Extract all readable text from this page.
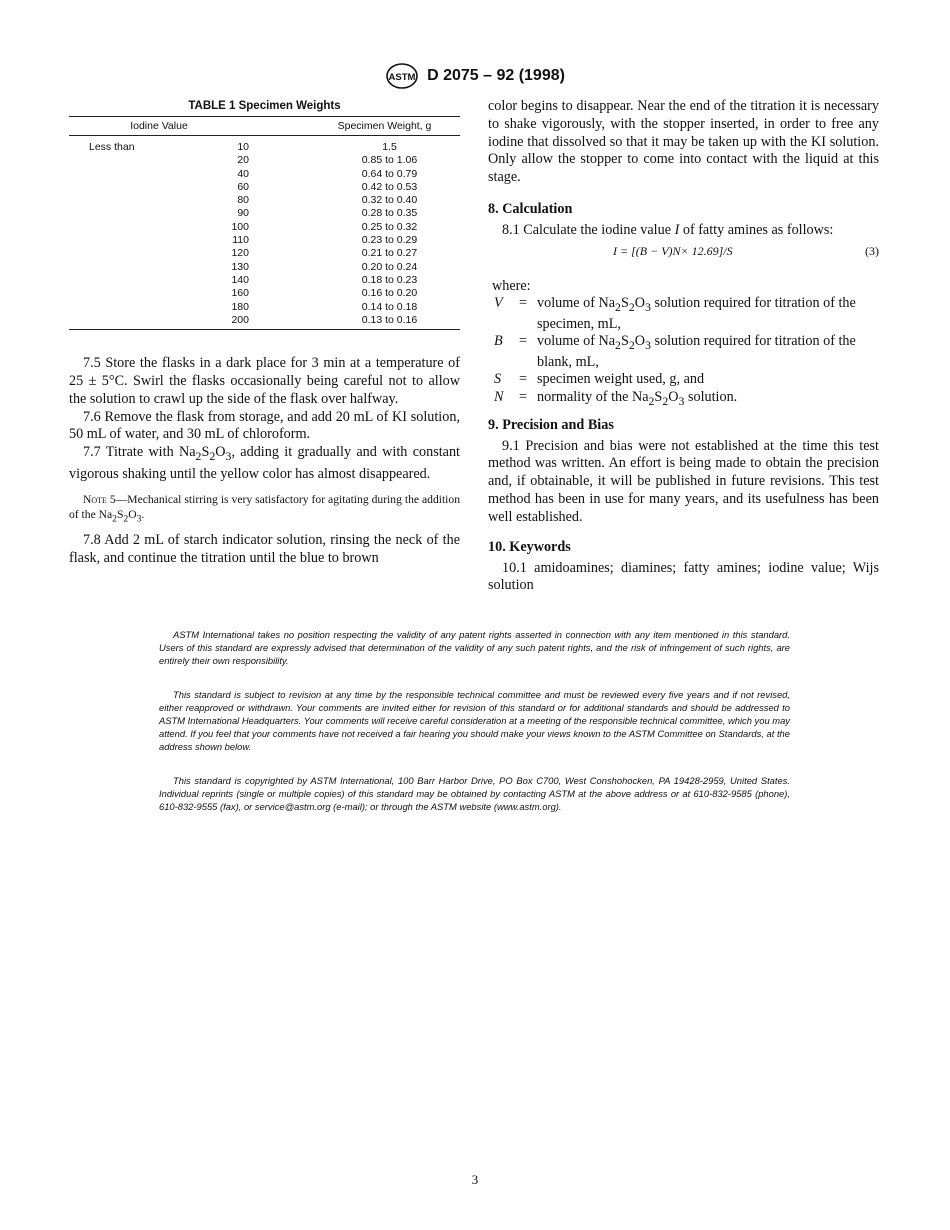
ASTM D 2075 – 92 (1998)
TABLE 1 Specimen Weights
Iodine Value		Specimen Weight, g
Less than	10	1.5
	20	0.85 to 1.06
	40	0.64 to 0.79
	60	0.42 to 0.53
	80	0.32 to 0.40
	90	0.28 to 0.35
	100	0.25 to 0.32
	110	0.23 to 0.29
	120	0.21 to 0.27
	130	0.20 to 0.24
	140	0.18 to 0.23
	160	0.16 to 0.20
	180	0.14 to 0.18
	200	0.13 to 0.16

7.5 Store the flasks in a dark place for 3 min at a temperature of 25 ± 5°C. Swirl the flasks occasionally being careful not to allow the solution to crawl up the side of the flask over halfway.

7.6 Remove the flask from storage, and add 20 mL of KI solution, 50 mL of water, and 30 mL of chloroform.

7.7 Titrate with $Na_2S_2O_3$, adding it gradually and with constant vigorous shaking until the yellow color has almost disappeared.

Note 5—Mechanical stirring is very satisfactory for agitating during the addition of the $Na_2S_2O_3$.

7.8 Add 2 mL of starch indicator solution, rinsing the neck of the flask, and continue the titration until the blue to brown

color begins to disappear. Near the end of the titration it is necessary to shake vigorously, with the stopper inserted, in order to free any iodine that dissolved so that it may be taken up with the KI solution. Only allow the stopper to come into contact with the liquid at this stage.

8. Calculation

8.1 Calculate the iodine value I of fatty amines as follows:

I = [(B − V)N× 12.69]/S	(3)
where:
V = volume of $Na_2S_2O_3$ solution required for titration of the specimen, mL,
B = volume of $Na_2S_2O_3$ solution required for titration of the blank, mL,
S = specimen weight used, g, and
N = normality of the $Na_2S_2O_3$ solution.
9. Precision and Bias

9.1 Precision and bias were not established at the time this test method was written. An effort is being made to obtain the precision and, if obtainable, it will be published in future revisions. This test method has been in use for many years, and its usefulness has been well established.

10. Keywords

10.1 amidoamines; diamines; fatty amines; iodine value; Wijs solution

ASTM International takes no position respecting the validity of any patent rights asserted in connection with any item mentioned in this standard. Users of this standard are expressly advised that determination of the validity of any such patent rights, and the risk of infringement of such rights, are entirely their own responsibility.

This standard is subject to revision at any time by the responsible technical committee and must be reviewed every five years and if not revised, either reapproved or withdrawn. Your comments are invited either for revision of this standard or for additional standards and should be addressed to ASTM International Headquarters. Your comments will receive careful consideration at a meeting of the responsible technical committee, which you may attend. If you feel that your comments have not received a fair hearing you should make your views known to the ASTM Committee on Standards, at the address shown below.

This standard is copyrighted by ASTM International, 100 Barr Harbor Drive, PO Box C700, West Conshohocken, PA 19428-2959, United States. Individual reprints (single or multiple copies) of this standard may be obtained by contacting ASTM at the above address or at 610-832-9585 (phone), 610-832-9555 (fax), or service@astm.org (e-mail); or through the ASTM website (www.astm.org).

3
